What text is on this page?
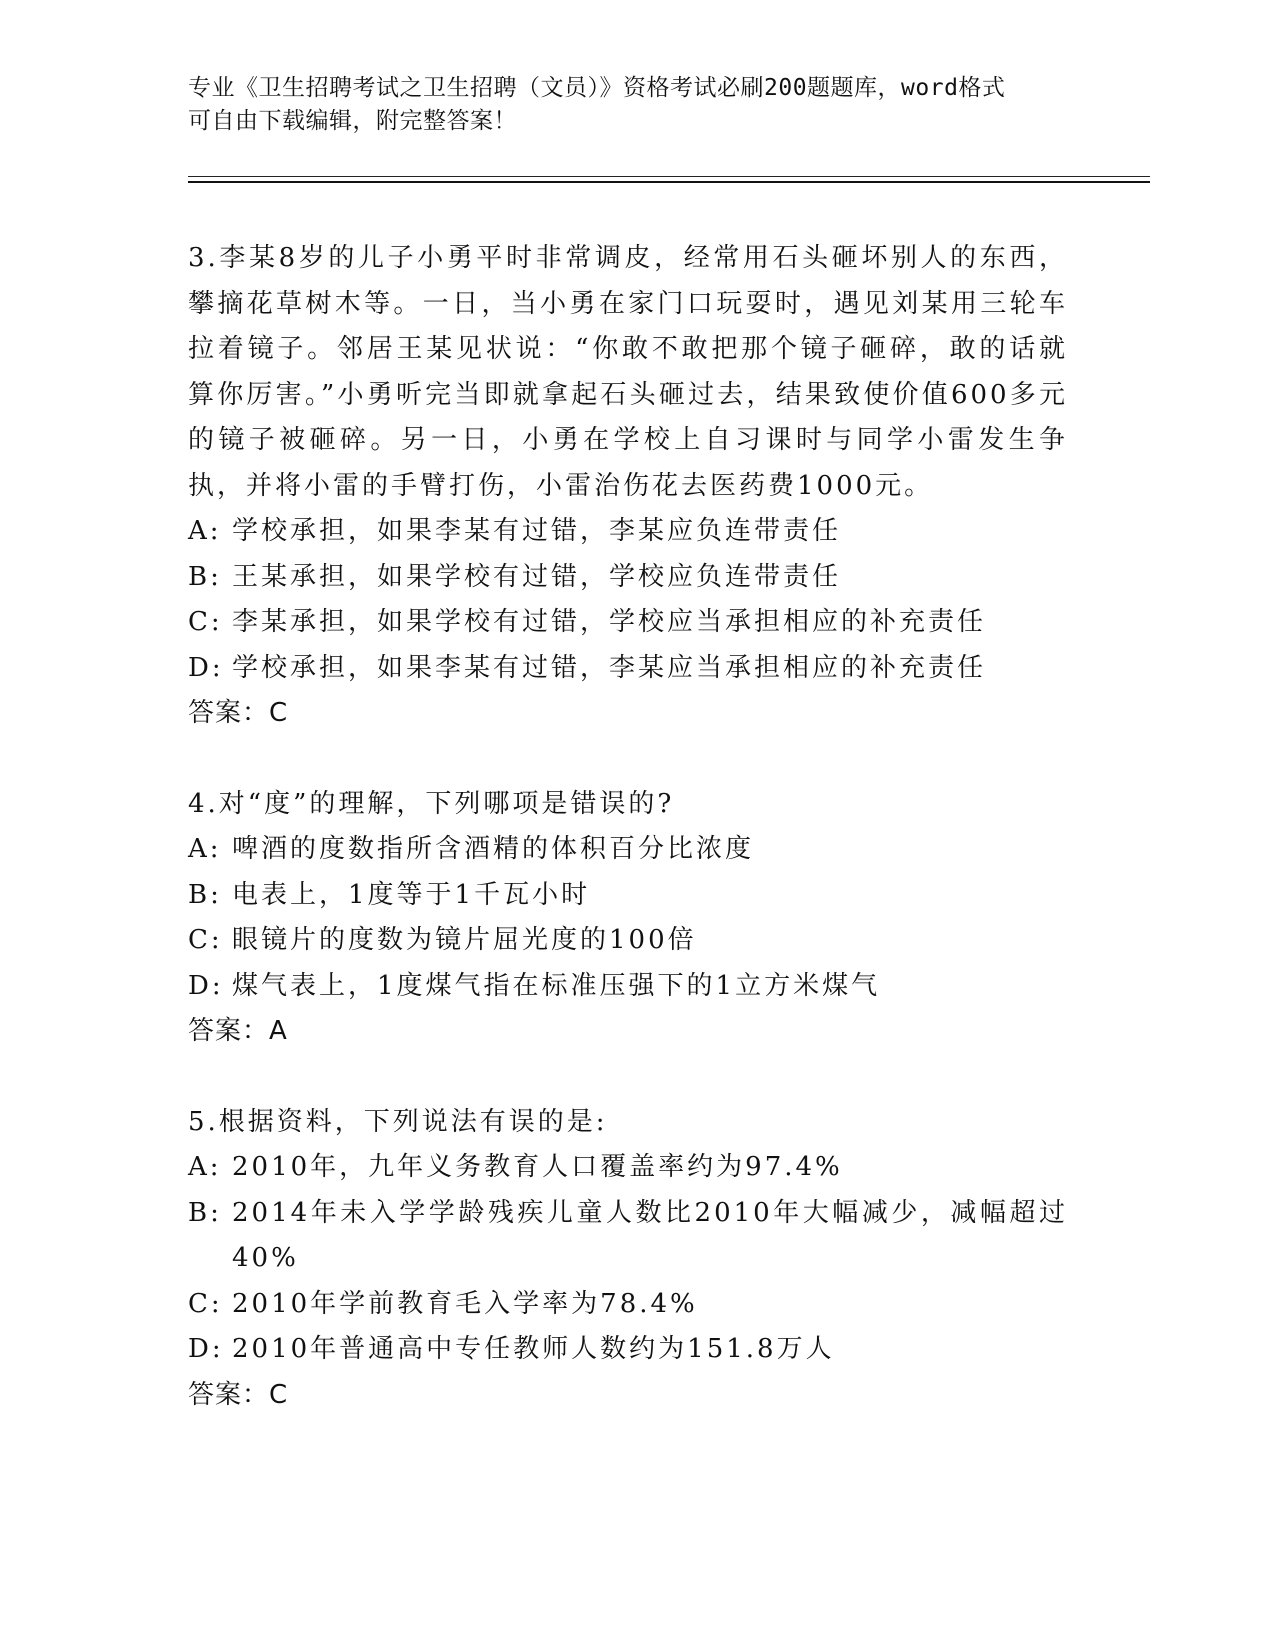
专业《卫生招聘考试之卫生招聘（文员）》资格考试必刷200题题库，word格式
可自由下载编辑，附完整答案！
3.李某8岁的儿子小勇平时非常调皮，经常用石头砸坏别人的东西，攀摘花草树木等。一日，当小勇在家门口玩耍时，遇见刘某用三轮车拉着镜子。邻居王某见状说：“你敢不敢把那个镜子砸碎，敢的话就算你厉害。”小勇听完当即就拿起石头砸过去，结果致使价值600多元的镜子被砸碎。另一日，小勇在学校上自习课时与同学小雷发生争执，并将小雷的手臂打伤，小雷治伤花去医药费1000元。
A: 学校承担，如果李某有过错，李某应负连带责任
B: 王某承担，如果学校有过错，学校应负连带责任
C: 李某承担，如果学校有过错，学校应当承担相应的补充责任
D: 学校承担，如果李某有过错，李某应当承担相应的补充责任
答案：C
4.对“度”的理解，下列哪项是错误的?
A: 啤酒的度数指所含酒精的体积百分比浓度
B: 电表上，1度等于1千瓦小时
C: 眼镜片的度数为镜片屈光度的100倍
D: 煤气表上，1度煤气指在标准压强下的1立方米煤气
答案：A
5.根据资料，下列说法有误的是:
A: 2010年，九年义务教育人口覆盖率约为97.4%
B: 2014年未入学学龄残疾儿童人数比2010年大幅减少，减幅超过40%
C: 2010年学前教育毛入学率为78.4%
D: 2010年普通高中专任教师人数约为151.8万人
答案：C
